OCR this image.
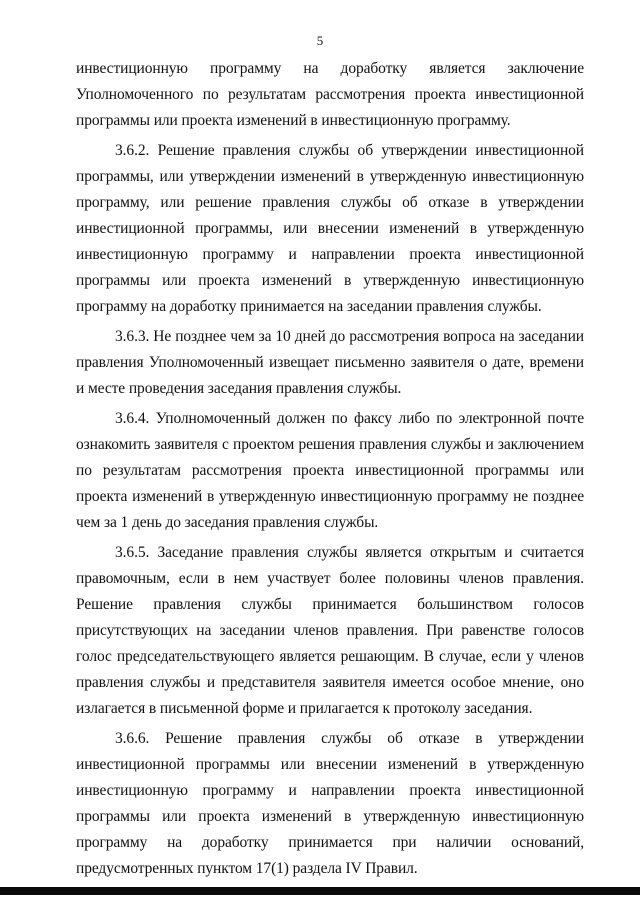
5

инвестиционную программу на доработку является заключение Уполномоченного по результатам рассмотрения проекта инвестиционной программы или проекта изменений в инвестиционную программу.

3.6.2. Решение правления службы об утверждении инвестиционной программы, или утверждении изменений в утвержденную инвестиционную программу, или решение правления службы об отказе в утверждении инвестиционной программы, или внесении изменений в утвержденную инвестиционную программу и направлении проекта инвестиционной программы или проекта изменений в утвержденную инвестиционную программу на доработку принимается на заседании правления службы.

3.6.3. Не позднее чем за 10 дней до рассмотрения вопроса на заседании правления Уполномоченный извещает письменно заявителя о дате, времени и месте проведения заседания правления службы.

3.6.4. Уполномоченный должен по факсу либо по электронной почте ознакомить заявителя с проектом решения правления службы и заключением по результатам рассмотрения проекта инвестиционной программы или проекта изменений в утвержденную инвестиционную программу не позднее чем за 1 день до заседания правления службы.

3.6.5. Заседание правления службы является открытым и считается правомочным, если в нем участвует более половины членов правления. Решение правления службы принимается большинством голосов присутствующих на заседании членов правления. При равенстве голосов голос председательствующего является решающим. В случае, если у членов правления службы и представителя заявителя имеется особое мнение, оно излагается в письменной форме и прилагается к протоколу заседания.

3.6.6. Решение правления службы об отказе в утверждении инвестиционной программы или внесении изменений в утвержденную инвестиционную программу и направлении проекта инвестиционной программы или проекта изменений в утвержденную инвестиционную программу на доработку принимается при наличии оснований, предусмотренных пунктом 17(1) раздела IV Правил.
